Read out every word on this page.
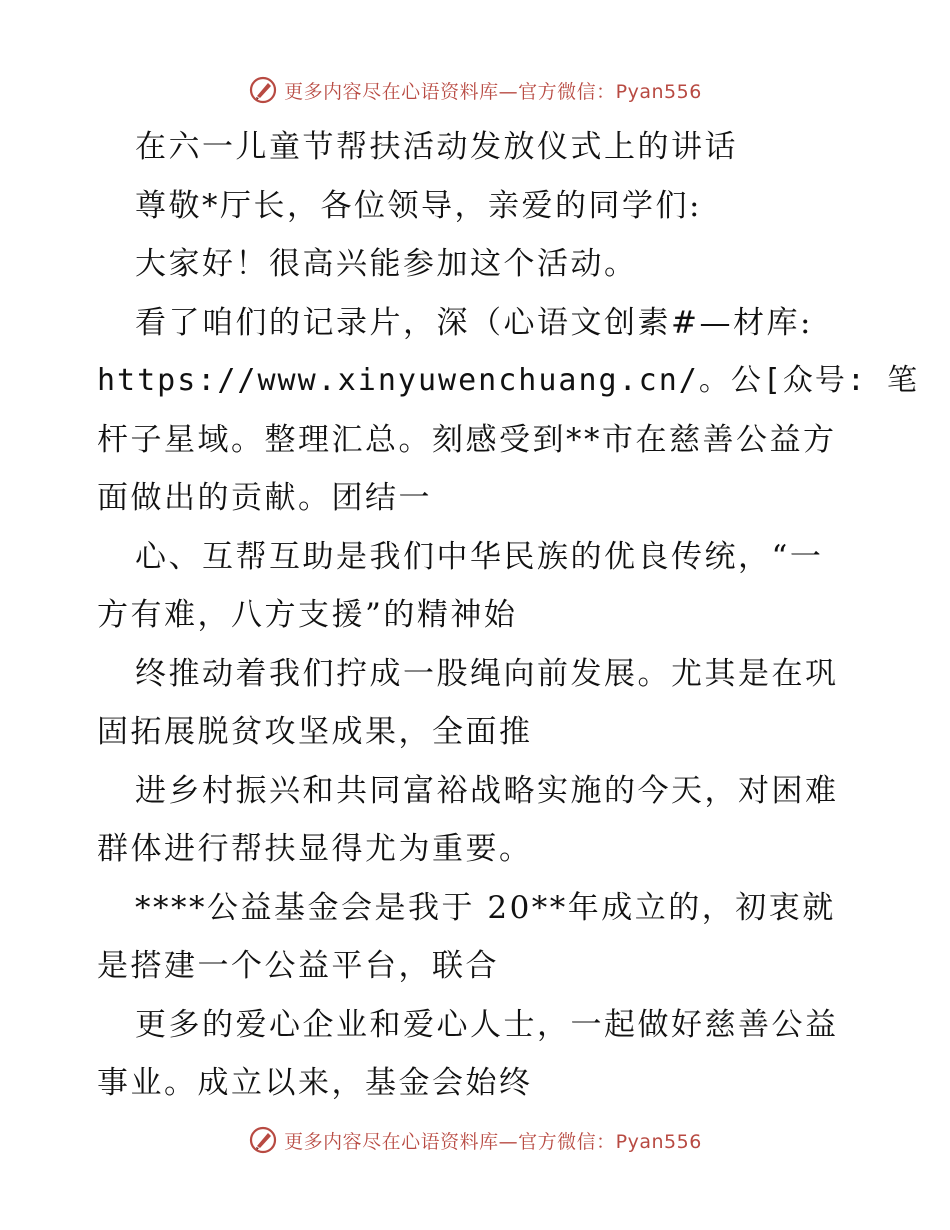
更多内容尽在心语资料库—官方微信：Pyan556
在六一儿童节帮扶活动发放仪式上的讲话
尊敬*厅长，各位领导，亲爱的同学们:
大家好！很高兴能参加这个活动。
看了咱们的记录片，深（心语文创素#—材库:
https://www.xinyuwenchuang.cn/。公[众号: 笔
杆子星域。整理汇总。刻感受到**市在慈善公益方
面做出的贡献。团结一
心、互帮互助是我们中华民族的优良传统，“一
方有难，八方支援”的精神始
终推动着我们拧成一股绳向前发展。尤其是在巩
固拓展脱贫攻坚成果，全面推
进乡村振兴和共同富裕战略实施的今天，对困难
群体进行帮扶显得尤为重要。
****公益基金会是我于 20**年成立的，初衷就
是搭建一个公益平台，联合
更多的爱心企业和爱心人士，一起做好慈善公益
事业。成立以来，基金会始终
更多内容尽在心语资料库—官方微信：Pyan556
